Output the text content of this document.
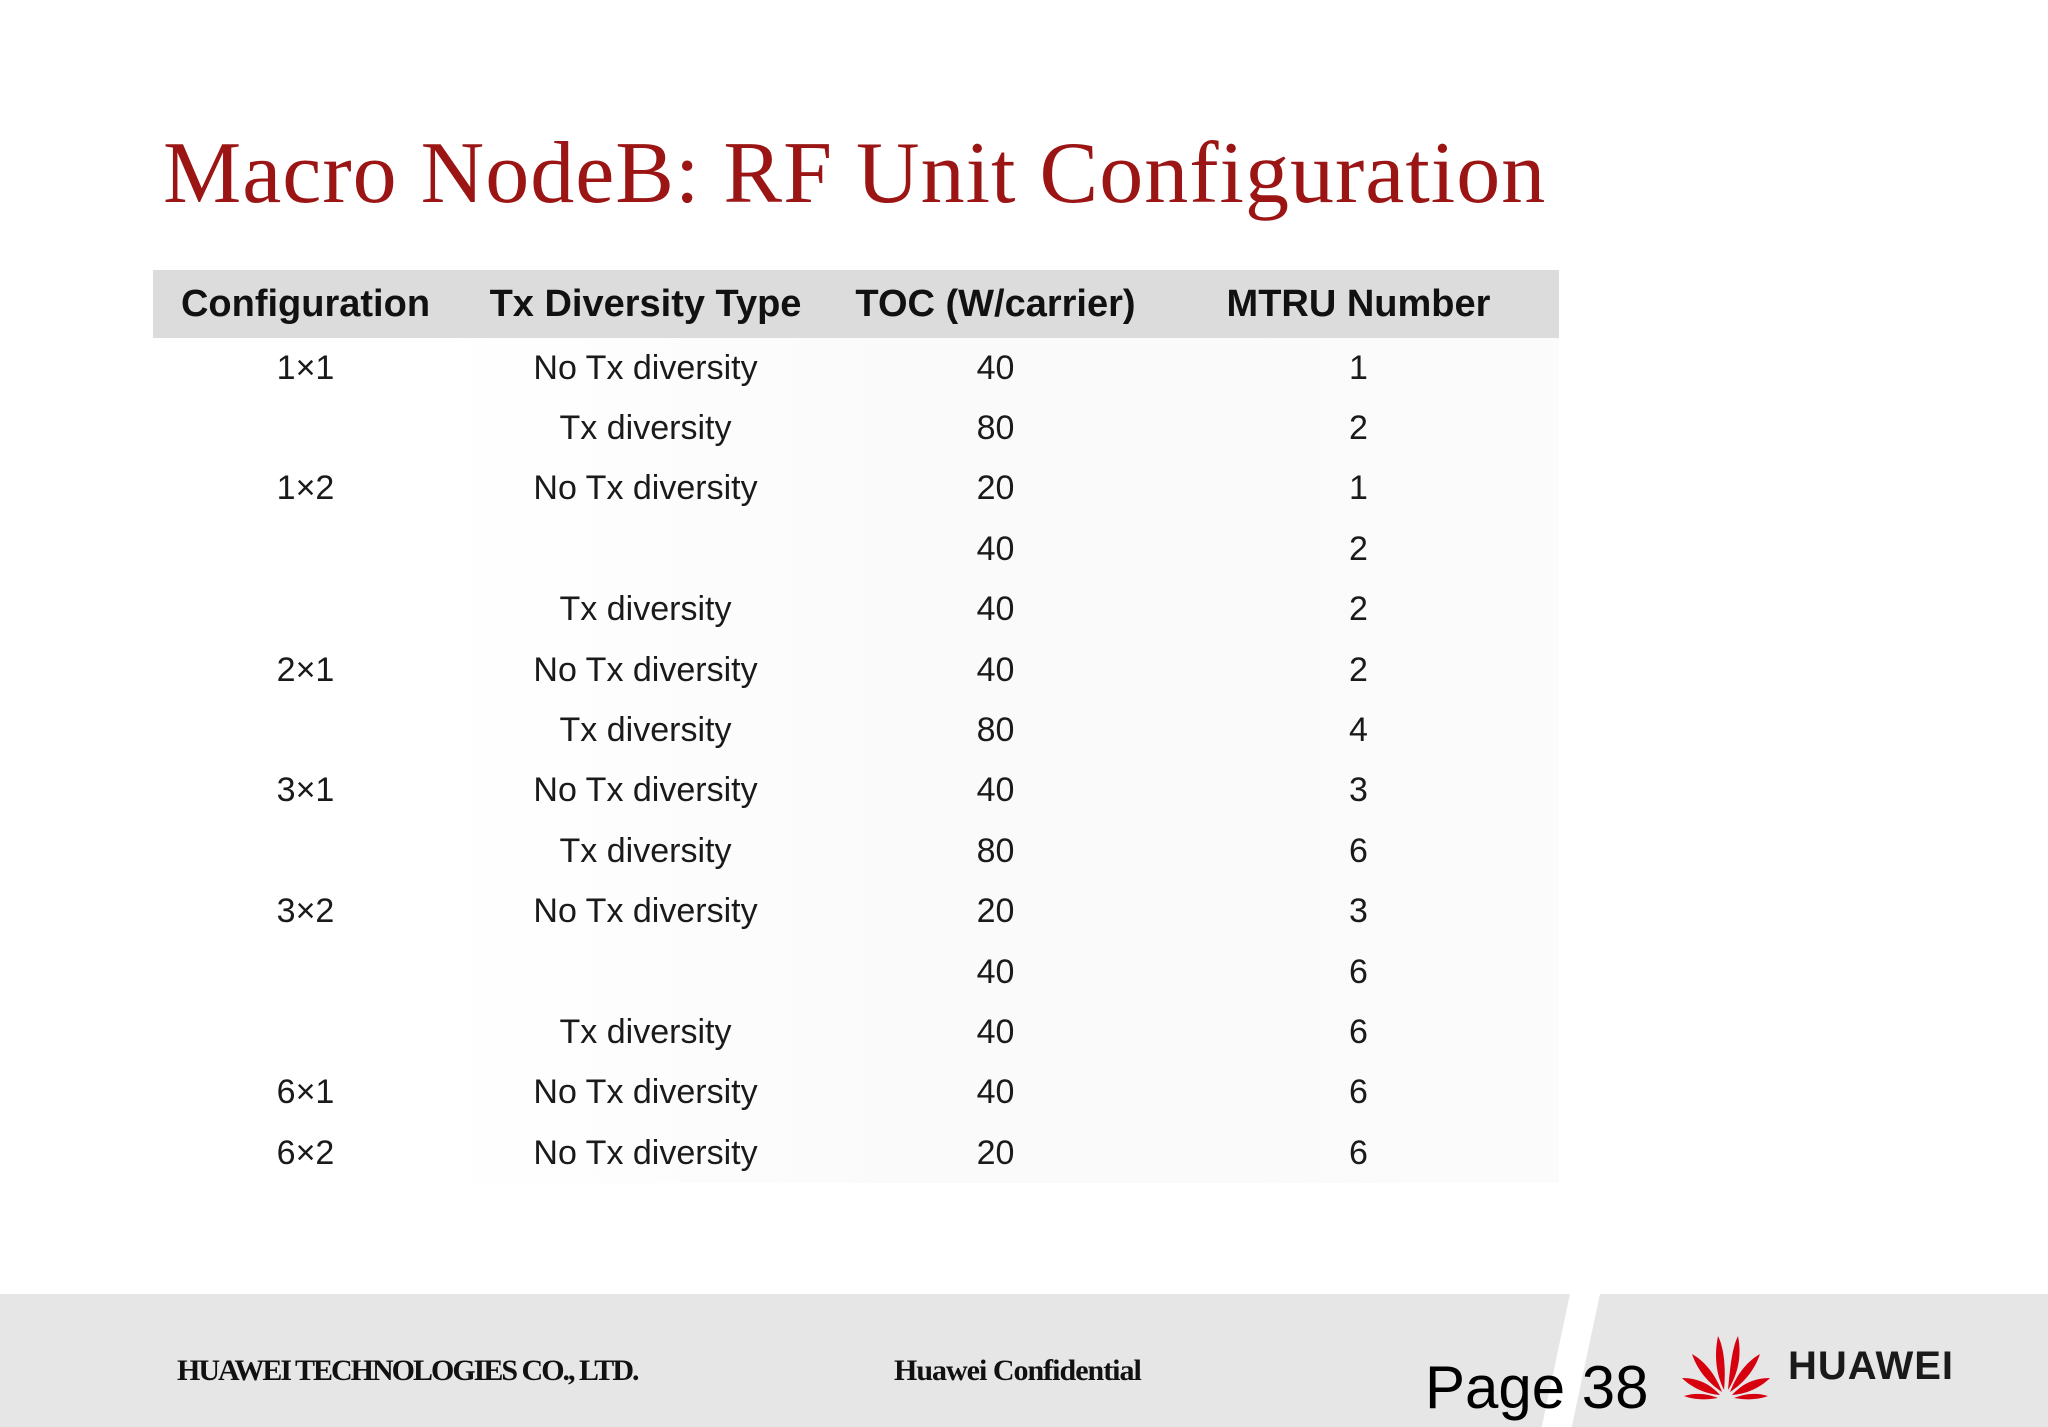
Macro NodeB: RF Unit Configuration
Configuration	Tx Diversity Type	TOC (W/carrier)	MTRU Number
1×1	No Tx diversity	40	1
	Tx diversity	80	2
1×2	No Tx diversity	20	1
		40	2
	Tx diversity	40	2
2×1	No Tx diversity	40	2
	Tx diversity	80	4
3×1	No Tx diversity	40	3
	Tx diversity	80	6
3×2	No Tx diversity	20	3
		40	6
	Tx diversity	40	6
6×1	No Tx diversity	40	6
6×2	No Tx diversity	20	6
HUAWEI TECHNOLOGIES CO., LTD.	Huawei Confidential	Page 38	HUAWEI
